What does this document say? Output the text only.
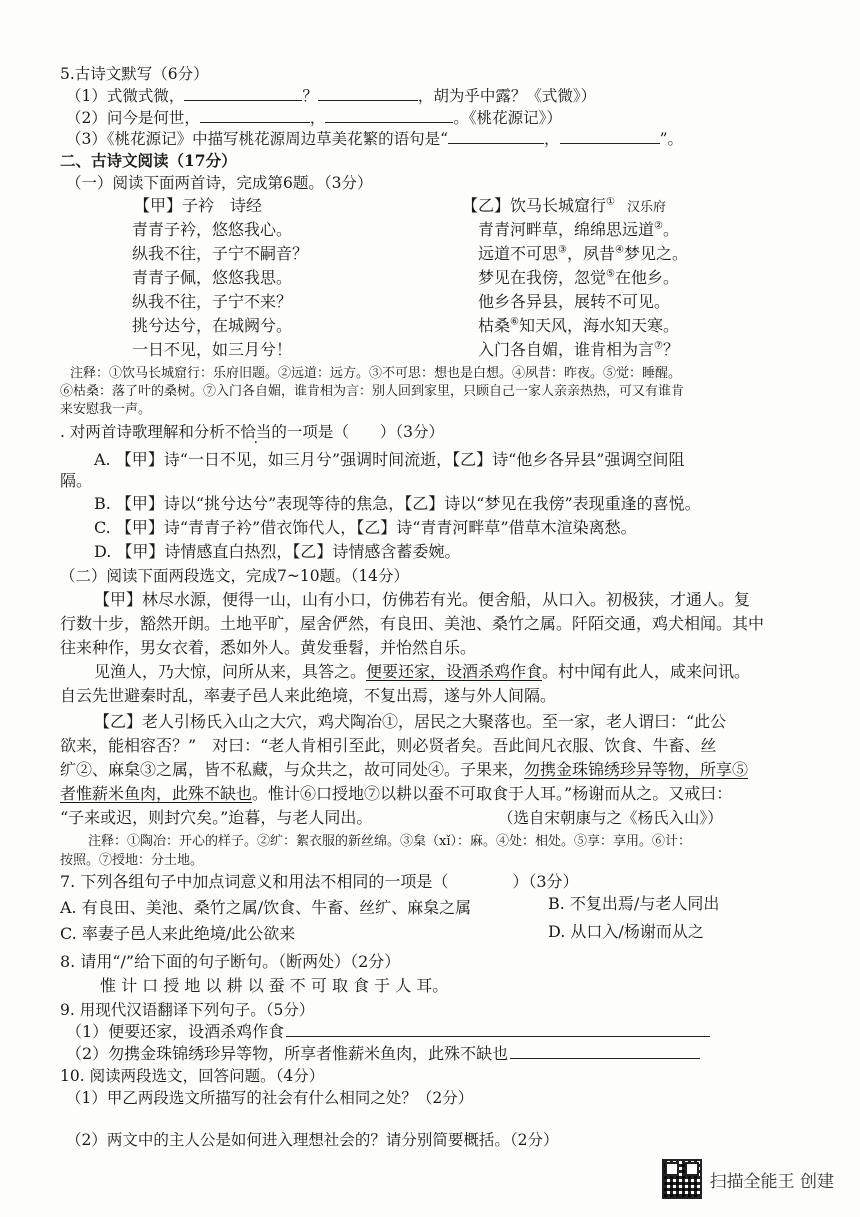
5.古诗文默写（6分）
（1）式微式微，	？	，胡为乎中露？《式微》）
（2）问今是何世，	，	。《桃花源记》）
（3）《桃花源记》中描写桃花源周边草美花繁的语句是“	，	”。
二、古诗文阅读（17分）
（一）阅读下面两首诗，完成第6题。（3分）
【甲】子衿　诗经
青青子衿，悠悠我心。
纵我不往，子宁不嗣音？
青青子佩，悠悠我思。
纵我不往，子宁不来？
挑兮达兮，在城阙兮。
一日不见，如三月兮！
【乙】饮马长城窟行① 汉乐府
青青河畔草，绵绵思远道②。
远道不可思③，夙昔④梦见之。
梦见在我傍，忽觉⑤在他乡。
他乡各异县，展转不可见。
枯桑⑥知天风，海水知天寒。
入门各自媚，谁肯相为言⑦？
注释：①饮马长城窟行：乐府旧题。②远道：远方。③不可思：想也是白想。④夙昔：昨夜。⑤觉：睡醒。
⑥枯桑：落了叶的桑树。⑦入门各自媚，谁肯相为言：别人回到家里，只顾自己一家人亲亲热热，可又有谁肯
来安慰我一声。
. 对两首诗歌理解和分析不恰当的一项是（　　）（3分）
A. 【甲】诗“一日不见，如三月兮”强调时间流逝，【乙】诗“他乡各异县”强调空间阻
隔。
B. 【甲】诗以“挑兮达兮”表现等待的焦急，【乙】诗以“梦见在我傍”表现重逢的喜悦。
C. 【甲】诗“青青子衿”借衣饰代人，【乙】诗“青青河畔草”借草木渲染离愁。
D. 【甲】诗情感直白热烈，【乙】诗情感含蓄委婉。
（二）阅读下面两段选文，完成7~10题。（14分）
【甲】林尽水源，便得一山，山有小口，仿佛若有光。便舍船，从口入。初极狭，才通人。复
行数十步，豁然开朗。土地平旷，屋舍俨然，有良田、美池、桑竹之属。阡陌交通，鸡犬相闻。其中
往来种作，男女衣着，悉如外人。黄发垂髫，并怡然自乐。
见渔人，乃大惊，问所从来，具答之。便要还家，设酒杀鸡作食。村中闻有此人，咸来问讯。
自云先世避秦时乱，率妻子邑人来此绝境，不复出焉，遂与外人间隔。
【乙】老人引杨氏入山之大穴，鸡犬陶冶①，居民之大聚落也。至一家，老人谓曰：“此公
欲来，能相容否？”　对曰：“老人肯相引至此，则必贤者矣。吾此间凡衣服、饮食、牛畜、丝
纩②、麻枲③之属，皆不私藏，与众共之，故可同处④。子果来，勿携金珠锦绣珍异等物，所享⑤
者惟薪米鱼肉，此殊不缺也。惟计⑥口授地⑦以耕以蚕不可取食于人耳。”杨谢而从之。又戒曰：
“子来或迟，则封穴矣。”迨暮，与老人同出。	（选自宋朝康与之《杨氏入山》）
注释：①陶冶：开心的样子。②纩：絮衣服的新丝绵。③枲（xǐ）：麻。④处：相处。⑤享：享用。⑥计：
按照。⑦授地：分土地。
7. 下列各组句子中加点词意义和用法不相同的一项是（　　　　）（3分）
A. 有良田、美池、桑竹之属/饮食、牛畜、丝纩、麻枲之属	B. 不复出焉/与老人同出
C. 率妻子邑人来此绝境/此公欲来	D. 从口入/杨谢而从之
8. 请用“/”给下面的句子断句。（断两处）（2分）
惟 计 口 授 地 以 耕 以 蚕 不 可 取 食 于 人 耳。
9. 用现代汉语翻译下列句子。（5分）
（1）便要还家，设酒杀鸡作食
（2）勿携金珠锦绣珍异等物，所享者惟薪米鱼肉，此殊不缺也
10. 阅读两段选文，回答问题。（4分）
（1）甲乙两段选文所描写的社会有什么相同之处？（2分）
（2）两文中的主人公是如何进入理想社会的？请分别简要概括。（2分）
扫描全能王 创建
